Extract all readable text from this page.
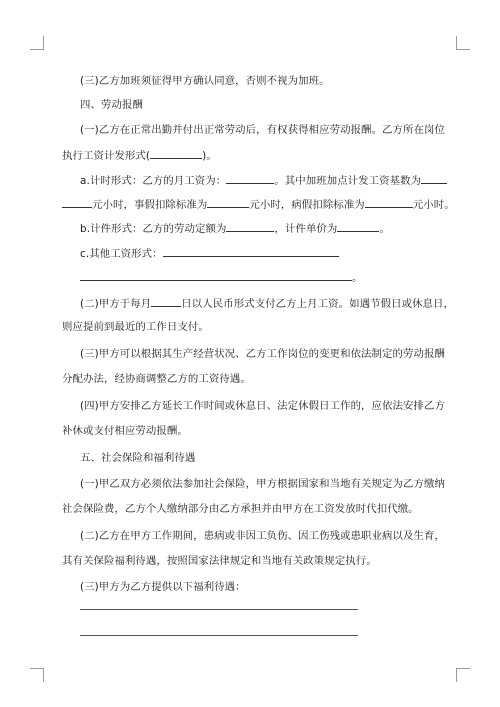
(三)乙方加班须征得甲方确认同意，否则不视为加班。
四、劳动报酬
(一)乙方在正常出勤并付出正常劳动后，有权获得相应劳动报酬。乙方所在岗位
执行工资计发形式(	)。
a.计时形式：乙方的月工资为：	。其中加班加点计发工资基数为
元小时，事假扣除标准为	元小时，病假扣除标准为	元小时。
b.计件形式：乙方的劳动定额为	，计件单价为	。
c.其他工资形式：
。
(二)甲方于每月	日以人民币形式支付乙方上月工资。如遇节假日或休息日，
则应提前到最近的工作日支付。
(三)甲方可以根据其生产经营状况、乙方工作岗位的变更和依法制定的劳动报酬
分配办法，经协商调整乙方的工资待遇。
(四)甲方安排乙方延长工作时间或休息日、法定休假日工作的，应依法安排乙方
补休或支付相应劳动报酬。
五、社会保险和福利待遇
(一)甲乙双方必须依法参加社会保险，甲方根据国家和当地有关规定为乙方缴纳
社会保险费，乙方个人缴纳部分由乙方承担并由甲方在工资发放时代扣代缴。
(二)乙方在甲方工作期间，患病或非因工负伤、因工伤残或患职业病以及生育，
其有关保险福利待遇，按照国家法律规定和当地有关政策规定执行。
(三)甲方为乙方提供以下福利待遇：
